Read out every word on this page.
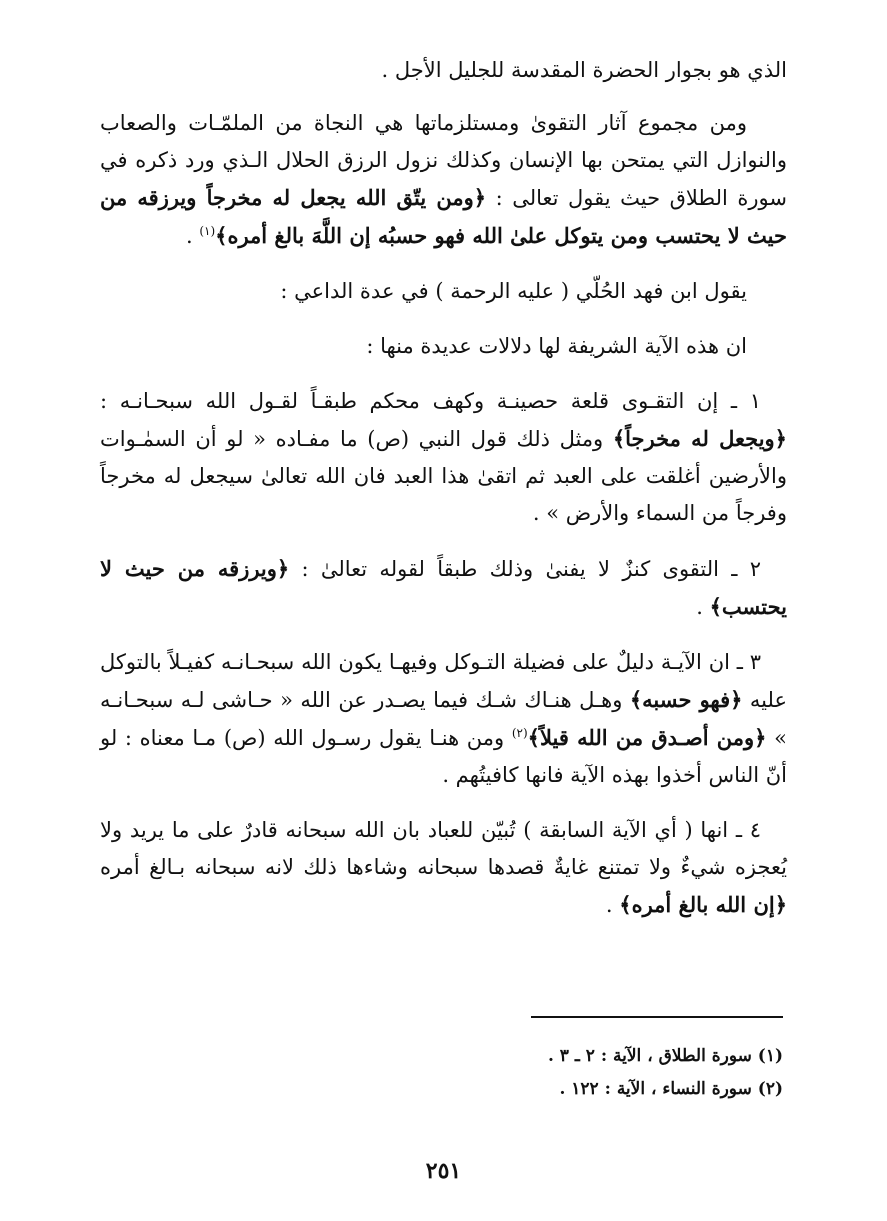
الذي هو بجوار الحضرة المقدسة للجليل الأجل .

ومن مجموع آثار التقوىٰ ومستلزماتها هي النجاة من الملمّـات والصعاب والنوازل التي يمتحن بها الإنسان وكذلك نزول الرزق الحلال الـذي ورد ذكره في سورة الطلاق حيث يقول تعالى : ﴿ومن يتّق الله يجعل له مخرجاً ويرزقه من حيث لا يحتسب ومن يتوكل علىٰ الله فهو حسبُه إن اللَّهَ بالغ أمره﴾$^{(١)}$ .

يقول ابن فهد الحُلّي ( عليه الرحمة ) في عدة الداعي :

ان هذه الآية الشريفة لها دلالات عديدة منها :

١ ـ إن التقـوى قلعة حصينـة وكهف محكم طبقـاً لقـول الله سبحـانـه : ﴿ويجعل له مخرجاً﴾ ومثل ذلك قول النبي (ص) ما مفـاده « لو أن السمٰـوات والأرضين أغلقت على العبد ثم اتقىٰ هذا العبد فان الله تعالىٰ سيجعل له مخرجاً وفرجاً من السماء والأرض » .

٢ ـ التقوى كنزٌ لا يفنىٰ وذلك طبقاً لقوله تعالىٰ : ﴿ويرزقه من حيث لا يحتسب﴾ .

٣ ـ ان الآيـة دليلٌ على فضيلة التـوكل وفيهـا يكون الله سبحـانـه كفيـلاً بالتوكل عليه ﴿فهو حسبه﴾ وهـل هنـاك شـك فيما يصـدر عن الله « حـاشى لـه سبحـانـه » ﴿ومن أصـدق من الله قيلاً﴾$^{(٢)}$ ومن هنـا يقول رسـول الله (ص) مـا معناه : لو أنّ الناس أخذوا بهذه الآية فانها كافيتُهم .

٤ ـ انها ( أي الآية السابقة ) تُبيّن للعباد بان الله سبحانه قادرٌ على ما يريد ولا يُعجزه شيءٌ ولا تمتنع غايةٌ قصدها سبحانه وشاءها ذلك لانه سبحانه بـالغ أمره ﴿إن الله بالغ أمره﴾ .

(١) سورة الطلاق ، الآية : ٢ ـ ٣ .
(٢) سورة النساء ، الآية : ١٢٢ .
٢٥١
